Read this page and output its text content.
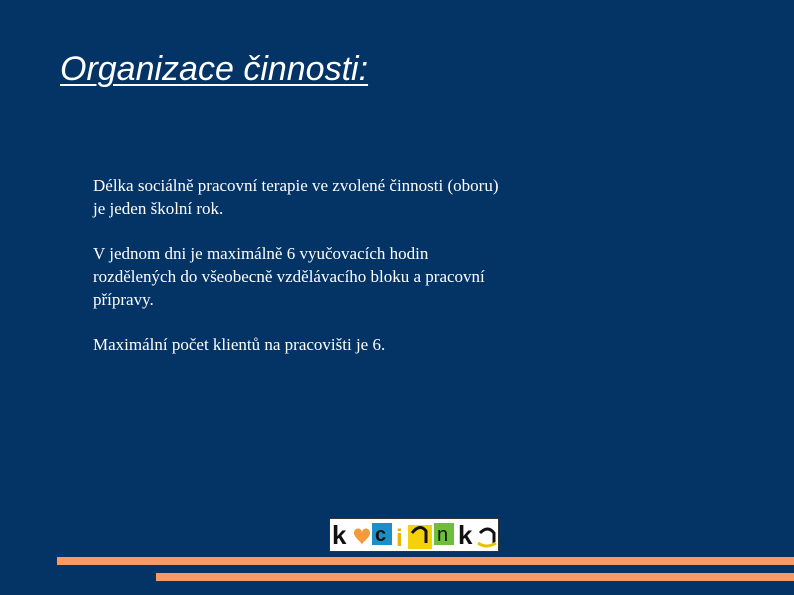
Organizace činnosti:

Délka sociálně pracovní terapie ve zvolené činnosti (oboru) je jeden školní rok.

V jednom dni je maximálně 6 vyučovacích hodin rozdělených do všeobecně vzdělávacího bloku a pracovní přípravy.

Maximální počet klientů na pracovišti je 6.

k c i n k
